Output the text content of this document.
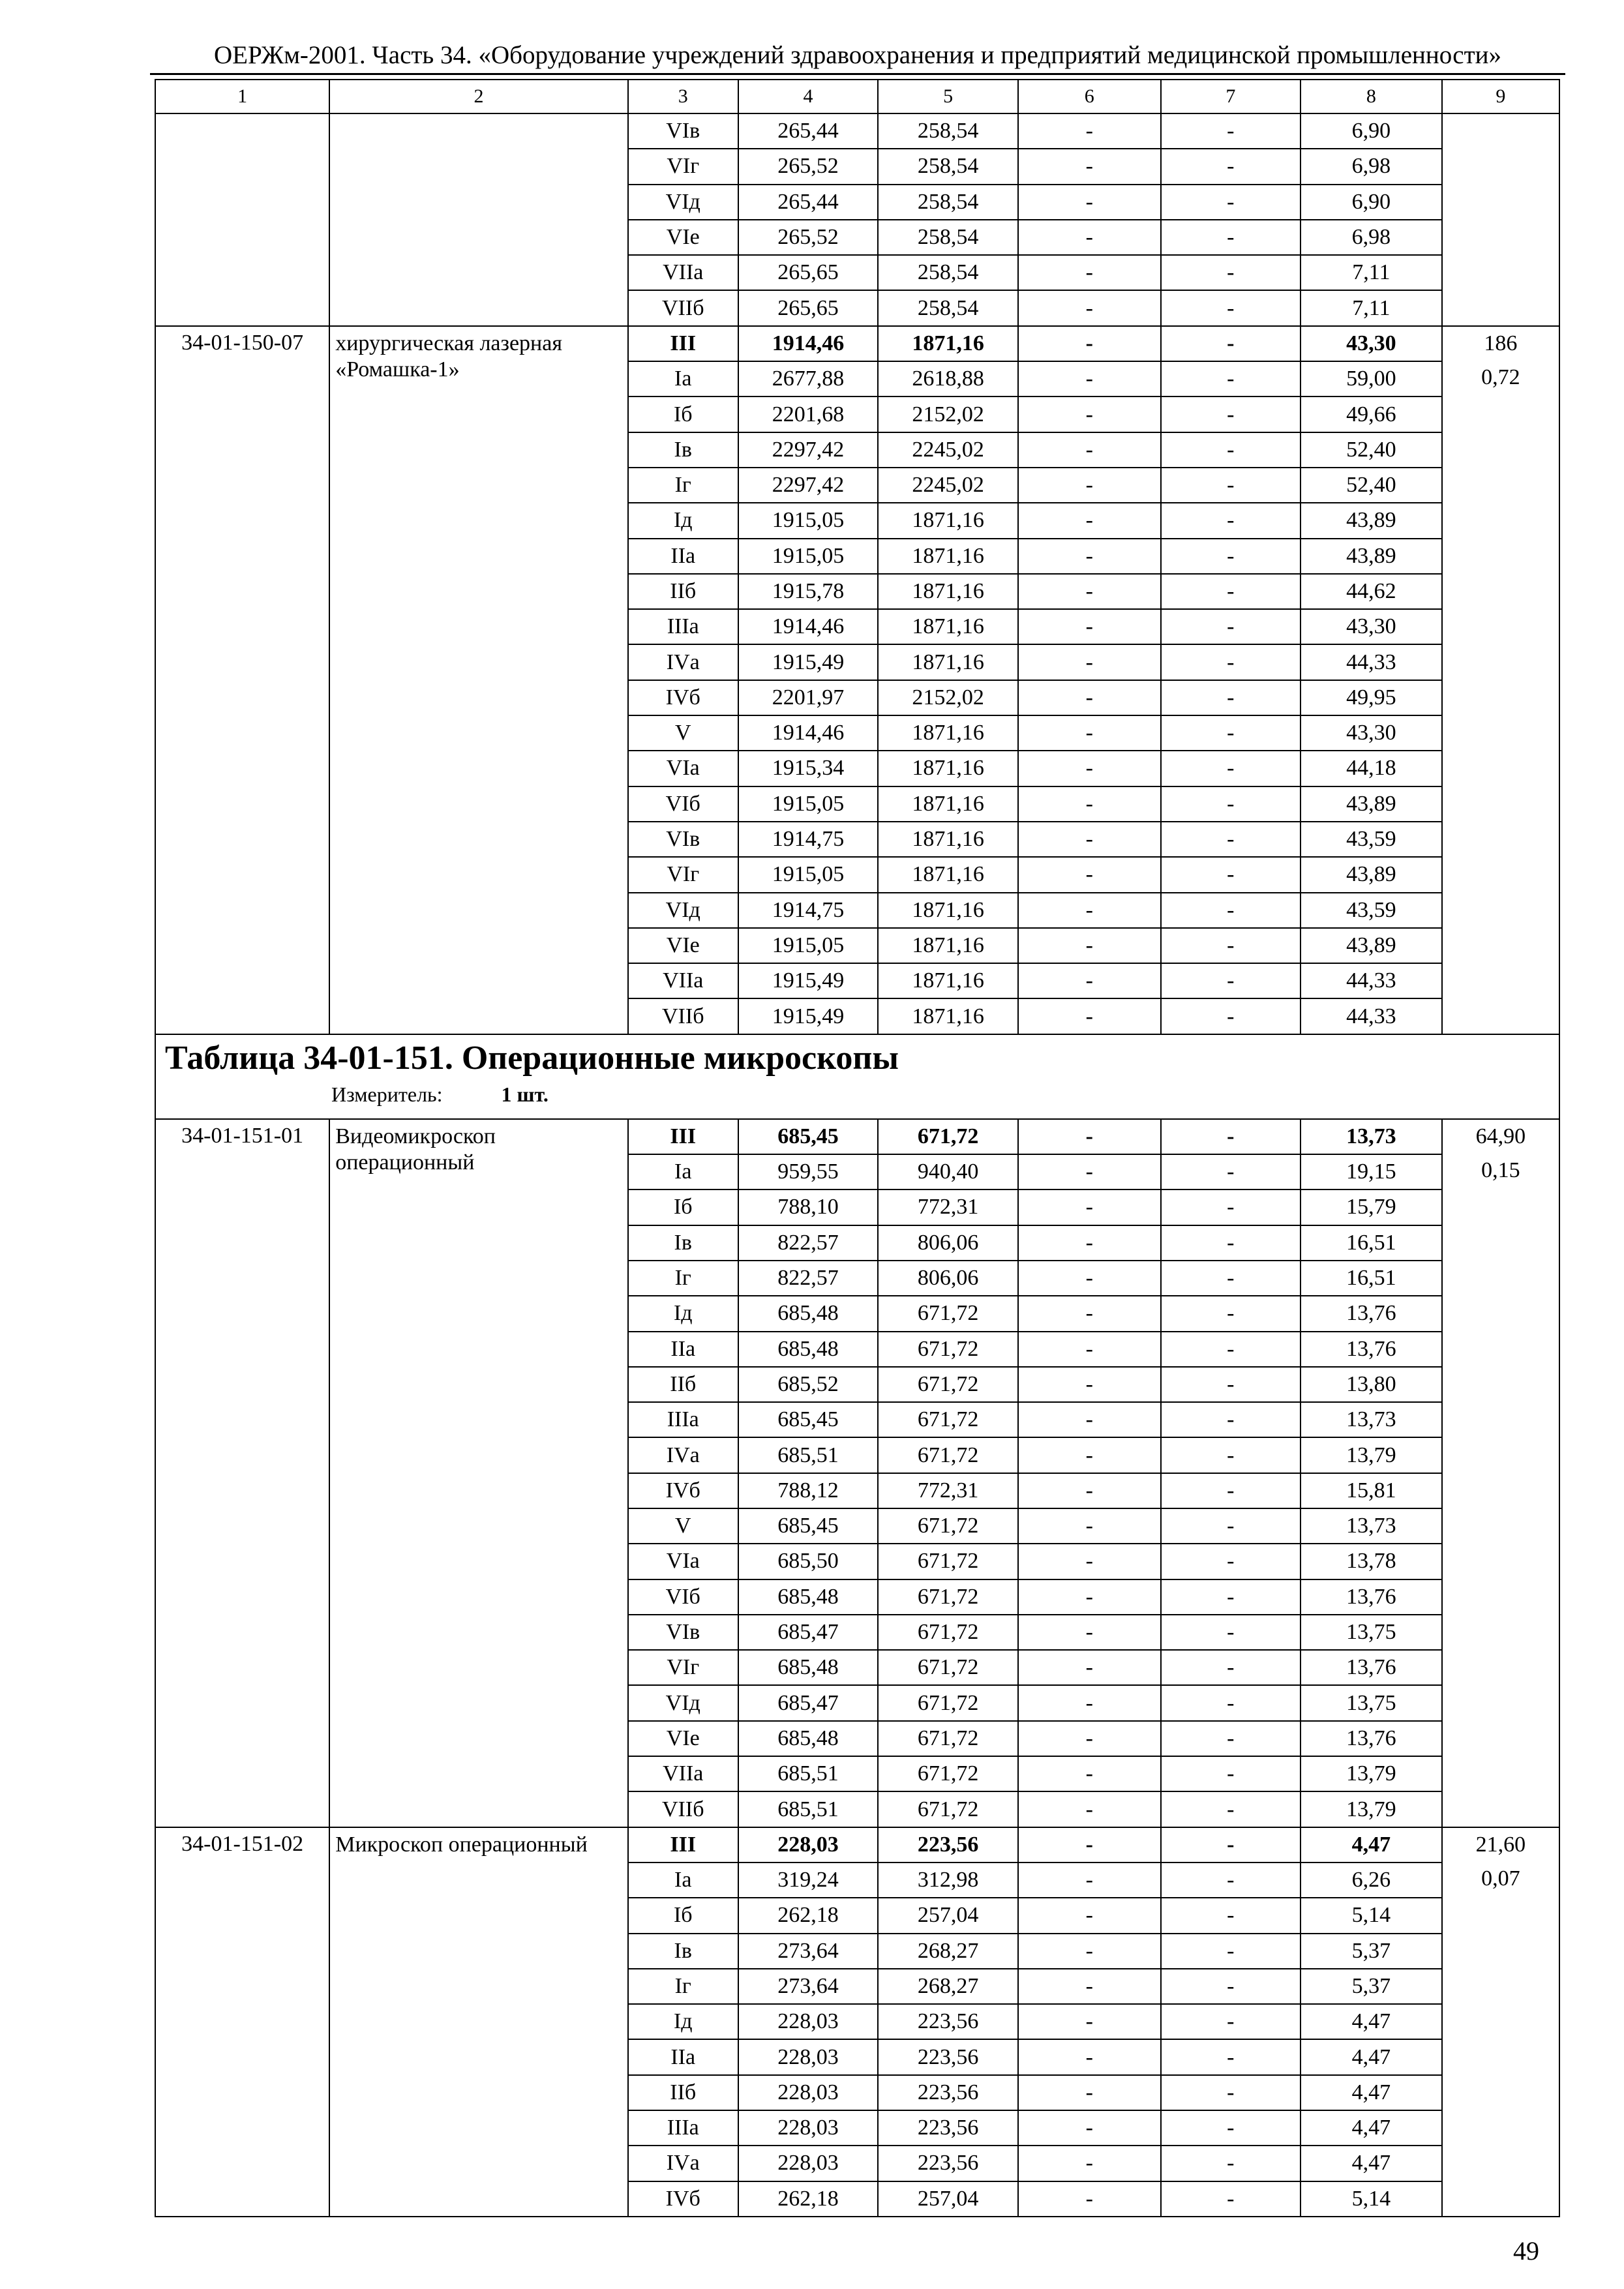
ОЕРЖм-2001. Часть 34. «Оборудование учреждений здравоохранения и предприятий медицинской промышленности»
1	2	3	4	5	6	7	8	9
		VIв	265,44	258,54	-	-	6,90	
		VIг	265,52	258,54	-	-	6,98	
		VIд	265,44	258,54	-	-	6,90	
		VIе	265,52	258,54	-	-	6,98	
		VIIа	265,65	258,54	-	-	7,11	
		VIIб	265,65	258,54	-	-	7,11	
34-01-150-07	хирургическая лазерная «Ромашка-1»	III	1914,46	1871,16	-	-	43,30	186
0,72

		Iа	2677,88	2618,88	-	-	59,00	
		Iб	2201,68	2152,02	-	-	49,66	
		Iв	2297,42	2245,02	-	-	52,40	
		Iг	2297,42	2245,02	-	-	52,40	
		Iд	1915,05	1871,16	-	-	43,89	
		IIа	1915,05	1871,16	-	-	43,89	
		IIб	1915,78	1871,16	-	-	44,62	
		IIIа	1914,46	1871,16	-	-	43,30	
		IVа	1915,49	1871,16	-	-	44,33	
		IVб	2201,97	2152,02	-	-	49,95	
		V	1914,46	1871,16	-	-	43,30	
		VIа	1915,34	1871,16	-	-	44,18	
		VIб	1915,05	1871,16	-	-	43,89	
		VIв	1914,75	1871,16	-	-	43,59	
		VIг	1915,05	1871,16	-	-	43,89	
		VIд	1914,75	1871,16	-	-	43,59	
		VIе	1915,05	1871,16	-	-	43,89	
		VIIа	1915,49	1871,16	-	-	44,33	
		VIIб	1915,49	1871,16	-	-	44,33	

Таблица 34-01-151. Операционные микроскопы
Измеритель: 1 шт.								

34-01-151-01	Видеомикроскоп операционный	III	685,45	671,72	-	-	13,73	64,90
0,15

		Iа	959,55	940,40	-	-	19,15	
		Iб	788,10	772,31	-	-	15,79	
		Iв	822,57	806,06	-	-	16,51	
		Iг	822,57	806,06	-	-	16,51	
		Iд	685,48	671,72	-	-	13,76	
		IIа	685,48	671,72	-	-	13,76	
		IIб	685,52	671,72	-	-	13,80	
		IIIа	685,45	671,72	-	-	13,73	
		IVа	685,51	671,72	-	-	13,79	
		IVб	788,12	772,31	-	-	15,81	
		V	685,45	671,72	-	-	13,73	
		VIа	685,50	671,72	-	-	13,78	
		VIб	685,48	671,72	-	-	13,76	
		VIв	685,47	671,72	-	-	13,75	
		VIг	685,48	671,72	-	-	13,76	
		VIд	685,47	671,72	-	-	13,75	
		VIе	685,48	671,72	-	-	13,76	
		VIIа	685,51	671,72	-	-	13,79	
		VIIб	685,51	671,72	-	-	13,79	
34-01-151-02	Микроскоп операционный	III	228,03	223,56	-	-	4,47	21,60
0,07

		Iа	319,24	312,98	-	-	6,26	
		Iб	262,18	257,04	-	-	5,14	
		Iв	273,64	268,27	-	-	5,37	
		Iг	273,64	268,27	-	-	5,37	
		Iд	228,03	223,56	-	-	4,47	
		IIа	228,03	223,56	-	-	4,47	
		IIб	228,03	223,56	-	-	4,47	
		IIIа	228,03	223,56	-	-	4,47	
		IVа	228,03	223,56	-	-	4,47	
		IVб	262,18	257,04	-	-	5,14	
49
